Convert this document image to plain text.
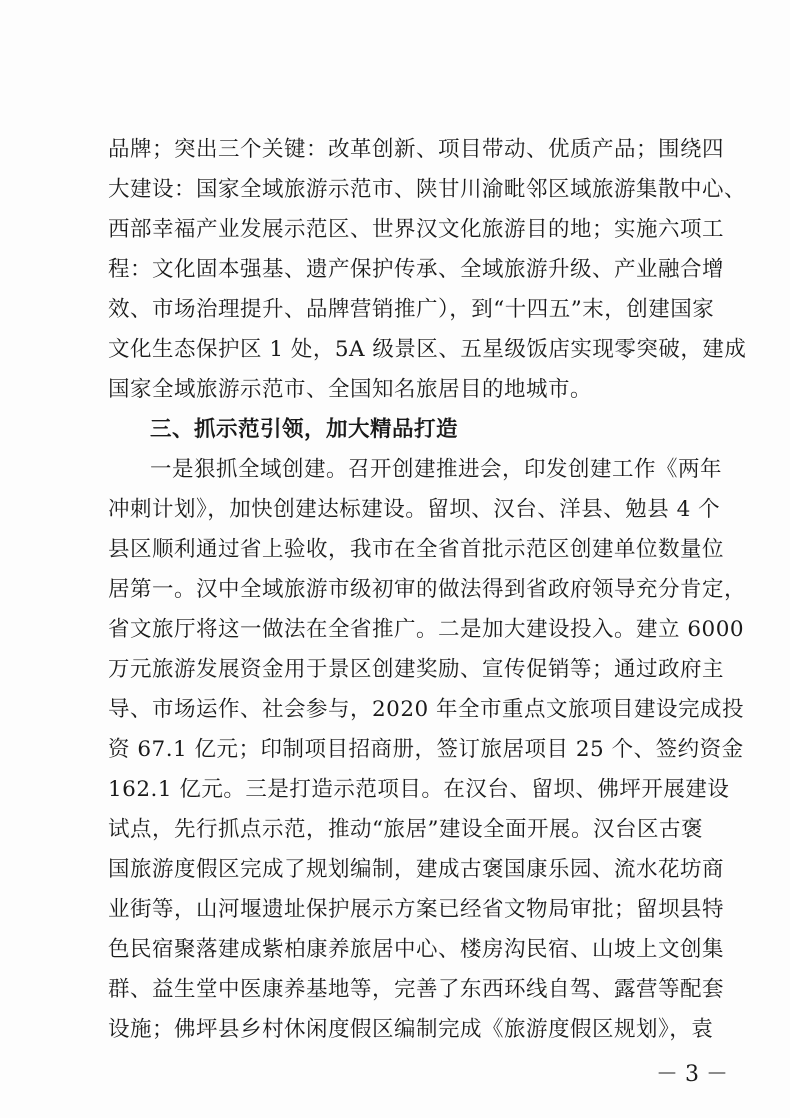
品牌；突出三个关键：改革创新、项目带动、优质产品；围绕四
大建设：国家全域旅游示范市、陕甘川渝毗邻区域旅游集散中心、
西部幸福产业发展示范区、世界汉文化旅游目的地；实施六项工
程：文化固本强基、遗产保护传承、全域旅游升级、产业融合增
效、市场治理提升、品牌营销推广），到“十四五”末，创建国家
文化生态保护区 1 处，5A 级景区、五星级饭店实现零突破，建成
国家全域旅游示范市、全国知名旅居目的地城市。
三、抓示范引领，加大精品打造
一是狠抓全域创建。召开创建推进会，印发创建工作《两年
冲刺计划》，加快创建达标建设。留坝、汉台、洋县、勉县 4 个
县区顺利通过省上验收，我市在全省首批示范区创建单位数量位
居第一。汉中全域旅游市级初审的做法得到省政府领导充分肯定，
省文旅厅将这一做法在全省推广。二是加大建设投入。建立 6000
万元旅游发展资金用于景区创建奖励、宣传促销等；通过政府主
导、市场运作、社会参与，2020 年全市重点文旅项目建设完成投
资 67.1 亿元；印制项目招商册，签订旅居项目 25 个、签约资金
162.1 亿元。三是打造示范项目。在汉台、留坝、佛坪开展建设
试点，先行抓点示范，推动“旅居”建设全面开展。汉台区古褒
国旅游度假区完成了规划编制，建成古褒国康乐园、流水花坊商
业街等，山河堰遗址保护展示方案已经省文物局审批；留坝县特
色民宿聚落建成紫柏康养旅居中心、楼房沟民宿、山坡上文创集
群、益生堂中医康养基地等，完善了东西环线自驾、露营等配套
设施；佛坪县乡村休闲度假区编制完成《旅游度假区规划》，袁
－ 3 －
